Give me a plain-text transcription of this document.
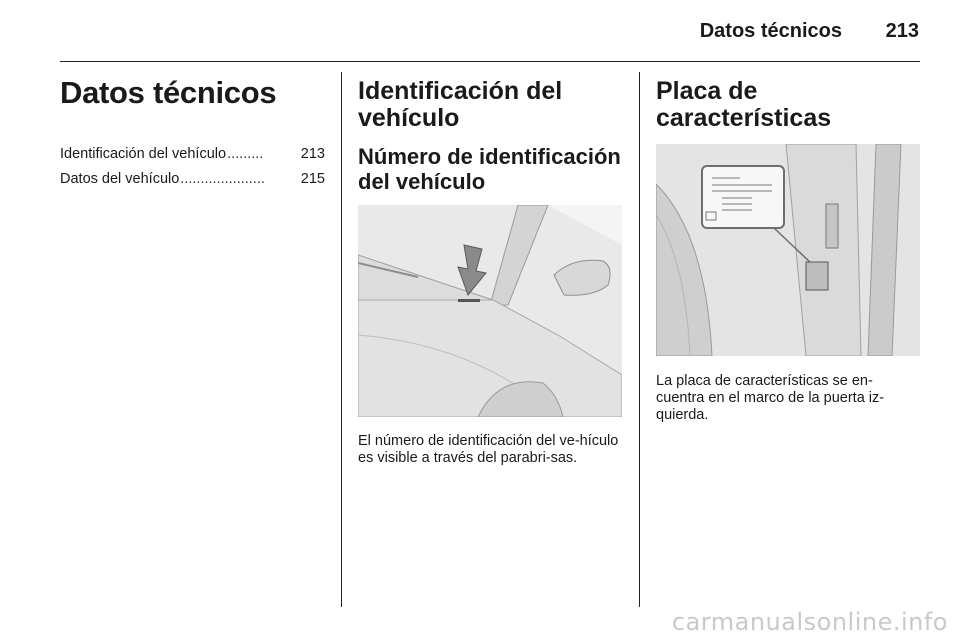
Datos técnicos 213
Datos técnicos
Identificación del vehículo .........	213
Datos del vehículo .....................	215
Identificación del vehículo
Número de identificación del vehículo

El número de identificación del ve-hículo es visible a través del parabri-sas.

Placa de características

La placa de características se en-cuentra en el marco de la puerta iz-quierda.

carmanualsonline.info
